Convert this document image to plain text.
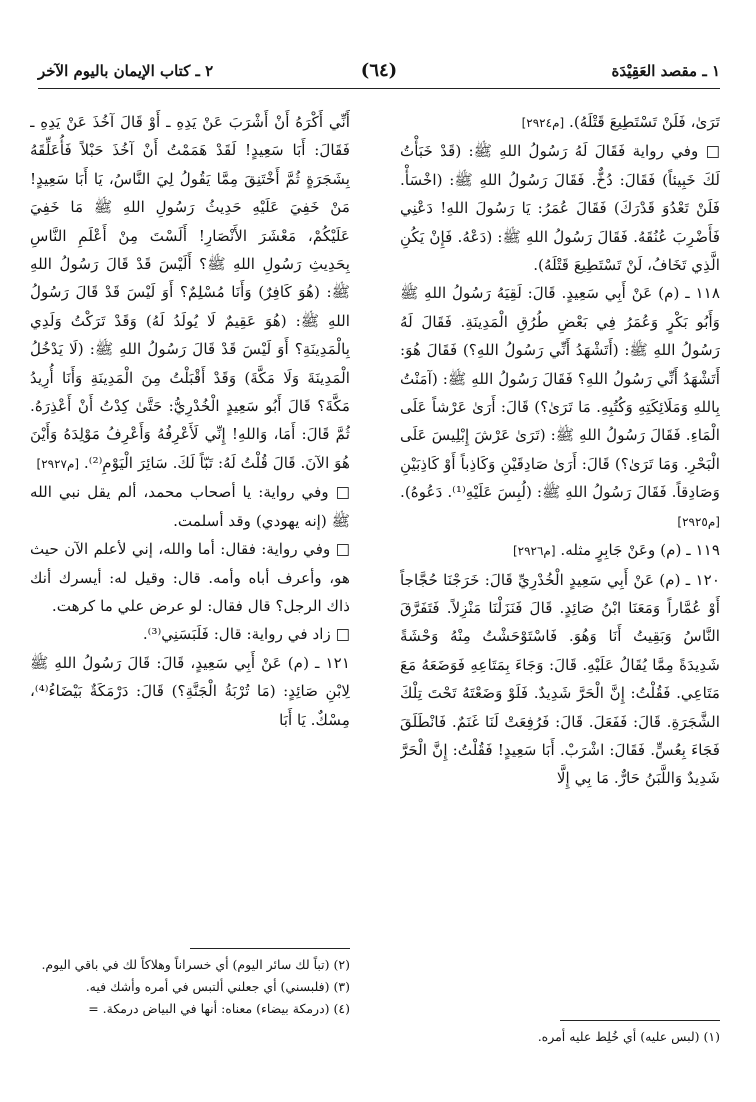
١ ـ مقصد العَقِيْدَة
(٦٤)
٢ ـ كتاب الإيمان باليوم الآخر

تَرَىٰ، فَلَنْ تَسْتَطِيعَ قَتْلَهُ). [م٢٩٢٤]

□ وفي رواية فَقَالَ لَهُ رَسُولُ اللهِ ﷺ: (قَدْ خَبَأْتُ لَكَ خَبِيئاً) فَقَالَ: دُخٌّ. فَقَالَ رَسُولُ اللهِ ﷺ: (اخْسَأْ. فَلَنْ تَعْدُوَ قَدْرَكَ) فَقَالَ عُمَرُ: يَا رَسُولَ اللهِ! دَعْنِي فَأَضْرِبَ عُنُقَهُ. فَقَالَ رَسُولُ اللهِ ﷺ: (دَعْهُ. فَإِنْ يَكُنِ الَّذِي تَخَافُ، لَنْ تَسْتَطِيعَ قَتْلَهُ).

١١٨ ـ (م) عَنْ أَبِي سَعِيدٍ. قَالَ: لَقِيَهُ رَسُولُ اللهِ ﷺ وَأَبُو بَكْرٍ وَعُمَرُ فِي بَعْضِ طُرُقِ الْمَدِينَةِ. فَقَالَ لَهُ رَسُولُ اللهِ ﷺ: (أَتَشْهَدُ أَنِّي رَسُولُ اللهِ؟) فَقَالَ هُوَ: أَتَشْهَدُ أَنِّي رَسُولُ اللهِ؟ فَقَالَ رَسُولُ اللهِ ﷺ: (آمَنْتُ بِاللهِ وَمَلَائِكَتِهِ وَكُتُبِهِ. مَا تَرَىٰ؟) قَالَ: أَرَىٰ عَرْشاً عَلَى الْمَاءِ. فَقَالَ رَسُولُ اللهِ ﷺ: (تَرَىٰ عَرْشَ إِبْلِيسَ عَلَى الْبَحْرِ. وَمَا تَرَىٰ؟) قَالَ: أَرَىٰ صَادِقَيْنِ وَكَاذِباً أَوْ كَاذِبَيْنِ وَصَادِقاً. فَقَالَ رَسُولُ اللهِ ﷺ: (لُبِسَ عَلَيْهِ⁽¹⁾. دَعُوهُ). [م٢٩٢٥]

١١٩ ـ (م) وعَنْ جَابِرٍ مثله. [م٢٩٢٦]

١٢٠ ـ (م) عَنْ أَبِي سَعِيدٍ الْخُدْرِيِّ قَالَ: خَرَجْنَا حُجَّاجاً أَوْ عُمَّاراً وَمَعَنَا ابْنُ صَائِدٍ. قَالَ فَنَزَلْنَا مَنْزِلاً. فَتَفَرَّقَ النَّاسُ وَبَقِيتُ أَنَا وَهُوَ. فَاسْتَوْحَشْتُ مِنْهُ وَحْشَةً شَدِيدَةً مِمَّا يُقَالُ عَلَيْهِ. قَالَ: وَجَاءَ بِمَتَاعِهِ فَوَضَعَهُ مَعَ مَتَاعِي. فَقُلْتُ: إِنَّ الْحَرَّ شَدِيدٌ. فَلَوْ وَضَعْتَهُ تَحْتَ تِلْكَ الشَّجَرَةِ. قَالَ: فَفَعَلَ. قَالَ: فَرُفِعَتْ لَنَا غَنَمٌ. فَانْطَلَقَ فَجَاءَ بِعُسٍّ. فَقَالَ: اشْرَبْ. أَبَا سَعِيدٍ! فَقُلْتُ: إِنَّ الْحَرَّ شَدِيدٌ وَاللَّبَنُ حَارٌّ. مَا بِي إِلَّا

أَنِّي أَكْرَهُ أَنْ أَشْرَبَ عَنْ يَدِهِ ـ أَوْ قَالَ آخُذَ عَنْ يَدِهِ ـ فَقَالَ: أَبَا سَعِيدٍ! لَقَدْ هَمَمْتُ أَنْ آخُذَ حَبْلاً فَأُعَلِّقَهُ بِشَجَرَةٍ ثُمَّ أَخْتَنِقَ مِمَّا يَقُولُ لِيَ النَّاسُ، يَا أَبَا سَعِيدٍ! مَنْ خَفِيَ عَلَيْهِ حَدِيثُ رَسُولِ اللهِ ﷺ مَا خَفِيَ عَلَيْكُمْ، مَعْشَرَ الأَنْصَارِ! أَلَسْتَ مِنْ أَعْلَمِ النَّاسِ بِحَدِيثِ رَسُولِ اللهِ ﷺ؟ أَلَيْسَ قَدْ قَالَ رَسُولُ اللهِ ﷺ: (هُوَ كَافِرٌ) وَأَنَا مُسْلِمٌ؟ أَوَ لَيْسَ قَدْ قَالَ رَسُولُ اللهِ ﷺ: (هُوَ عَقِيمٌ لَا يُولَدُ لَهُ) وَقَدْ تَرَكْتُ وَلَدِي بِالْمَدِينَةِ؟ أَوَ لَيْسَ قَدْ قَالَ رَسُولُ اللهِ ﷺ: (لَا يَدْخُلُ الْمَدِينَةَ وَلَا مَكَّةَ) وَقَدْ أَقْبَلْتُ مِنَ الْمَدِينَةِ وَأَنَا أُرِيدُ مَكَّةَ؟ قَالَ أَبُو سَعِيدٍ الْخُدْرِيُّ: حَتَّىٰ كِدْتُ أَنْ أَعْذِرَهُ. ثُمَّ قَالَ: أَمَا، وَاللهِ! إِنِّي لَأَعْرِفُهُ وَأَعْرِفُ مَوْلِدَهُ وَأَيْنَ هُوَ الآنَ. قَالَ قُلْتُ لَهُ: تَبّاً لَكَ. سَائِرَ الْيَوْمِ⁽²⁾. [م٢٩٢٧]

□ وفي رواية: يا أصحاب محمد، ألم يقل نبي الله ﷺ (إنه يهودي) وقد أسلمت.

□ وفي رواية: فقال: أما والله، إني لأعلم الآن حيث هو، وأعرف أباه وأمه. قال: وقيل له: أيسرك أنك ذاك الرجل؟ قال فقال: لو عرض علي ما كرهت.

□ زاد في رواية: قال: فَلَبَسَنِي⁽³⁾.

١٢١ ـ (م) عَنْ أَبِي سَعِيدٍ، قَالَ: قَالَ رَسُولُ اللهِ ﷺ لِابْنِ صَائِدٍ: (مَا تُرْبَةُ الْجَنَّةِ؟) قَالَ: دَرْمَكَةٌ بَيْضَاءُ⁽⁴⁾، مِسْكٌ. يَا أَبَا

(١) (لبس عليه) أي خُلِط عليه أمره.

(٢) (تباً لك سائر اليوم) أي خسراناً وهلاكاً لك في باقي اليوم.

(٣) (فلبسني) أي جعلني ألتبس في أمره وأشك فيه.

(٤) (درمكة بيضاء) معناه: أنها في البياض درمكة. =
